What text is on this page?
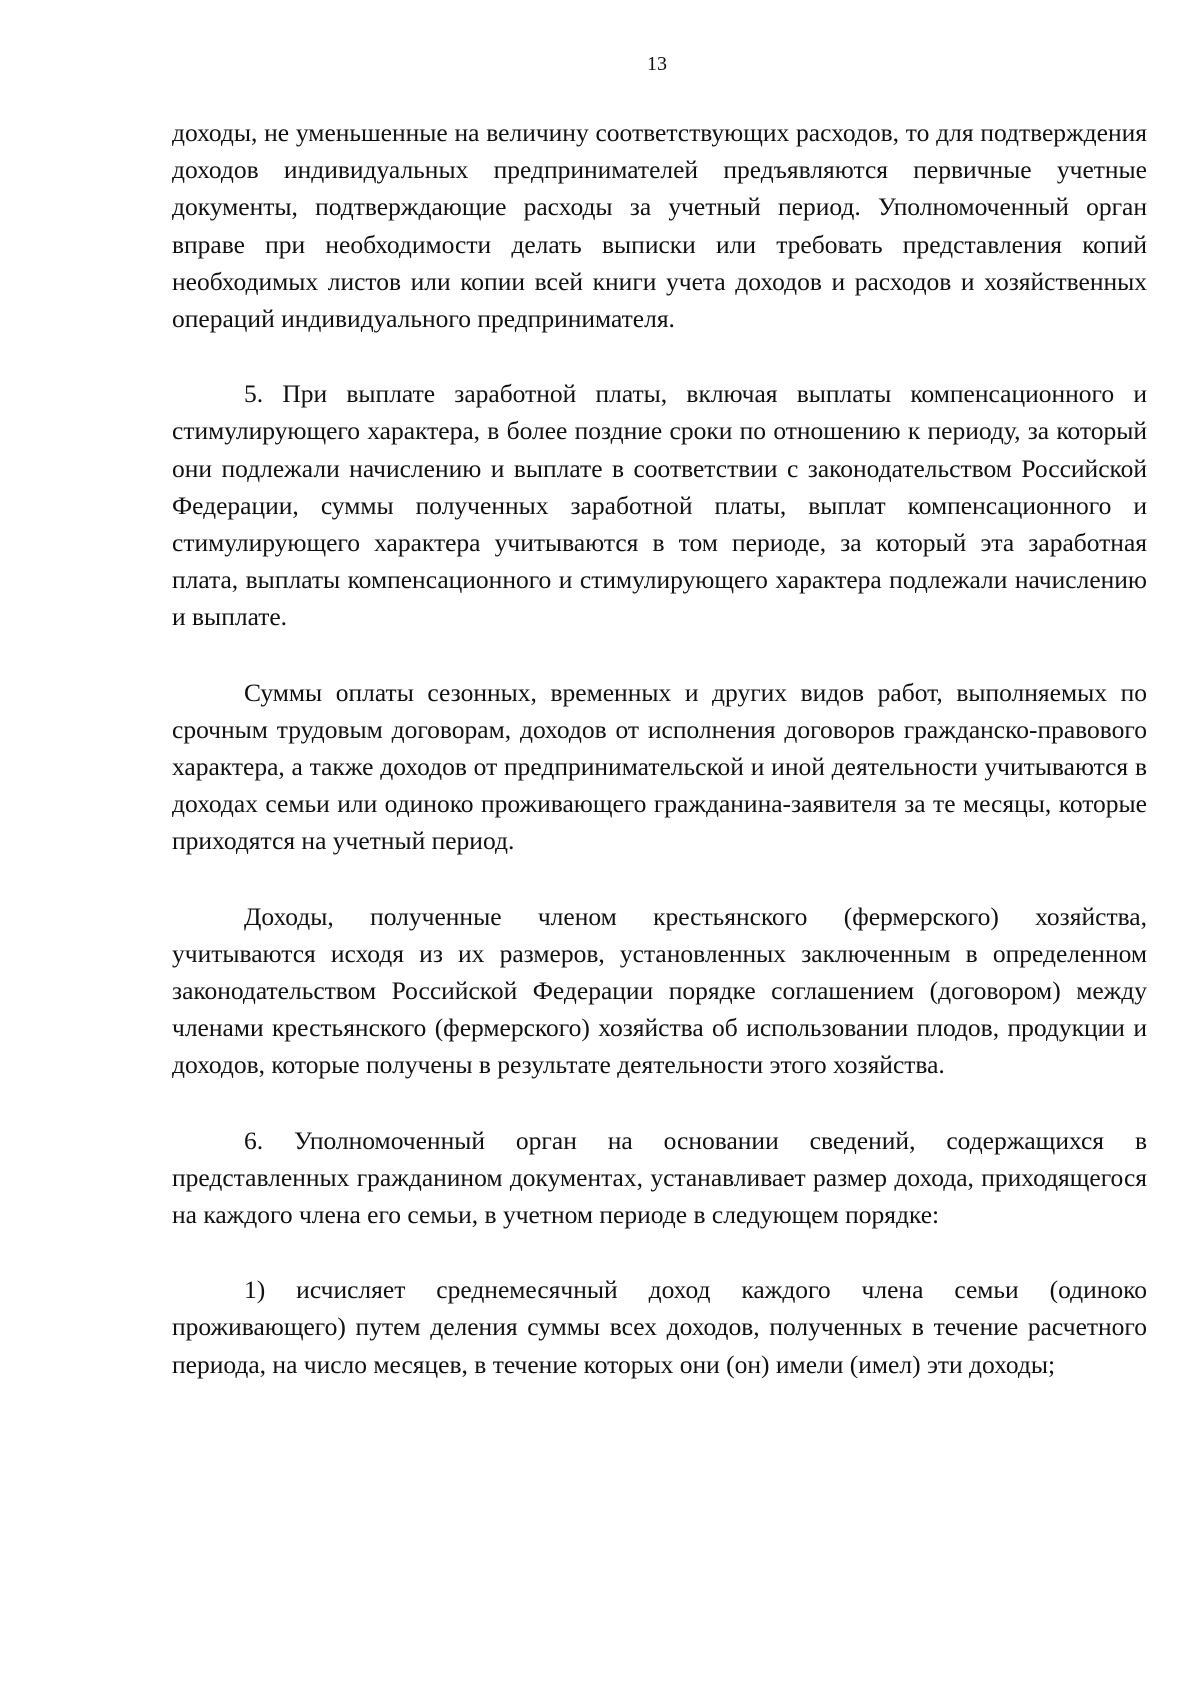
13

доходы, не уменьшенные на величину соответствующих расходов, то для подтверждения доходов индивидуальных предпринимателей предъявляются первичные учетные документы, подтверждающие расходы за учетный период. Уполномоченный орган вправе при необходимости делать выписки или требовать представления копий необходимых листов или копии всей книги учета доходов и расходов и хозяйственных операций индивидуального предпринимателя.

5. При выплате заработной платы, включая выплаты компенсационного и стимулирующего характера, в более поздние сроки по отношению к периоду, за который они подлежали начислению и выплате в соответствии с законодательством Российской Федерации, суммы полученных заработной платы, выплат компенсационного и стимулирующего характера учитываются в том периоде, за который эта заработная плата, выплаты компенсационного и стимулирующего характера подлежали начислению и выплате.

Суммы оплаты сезонных, временных и других видов работ, выполняемых по срочным трудовым договорам, доходов от исполнения договоров гражданско-правового характера, а также доходов от предпринимательской и иной деятельности учитываются в доходах семьи или одиноко проживающего гражданина-заявителя за те месяцы, которые приходятся на учетный период.

Доходы, полученные членом крестьянского (фермерского) хозяйства, учитываются исходя из их размеров, установленных заключенным в определенном законодательством Российской Федерации порядке соглашением (договором) между членами крестьянского (фермерского) хозяйства об использовании плодов, продукции и доходов, которые получены в результате деятельности этого хозяйства.

6. Уполномоченный орган на основании сведений, содержащихся в представленных гражданином документах, устанавливает размер дохода, приходящегося на каждого члена его семьи, в учетном периоде в следующем порядке:

1) исчисляет среднемесячный доход каждого члена семьи (одиноко проживающего) путем деления суммы всех доходов, полученных в течение расчетного периода, на число месяцев, в течение которых они (он) имели (имел) эти доходы;
